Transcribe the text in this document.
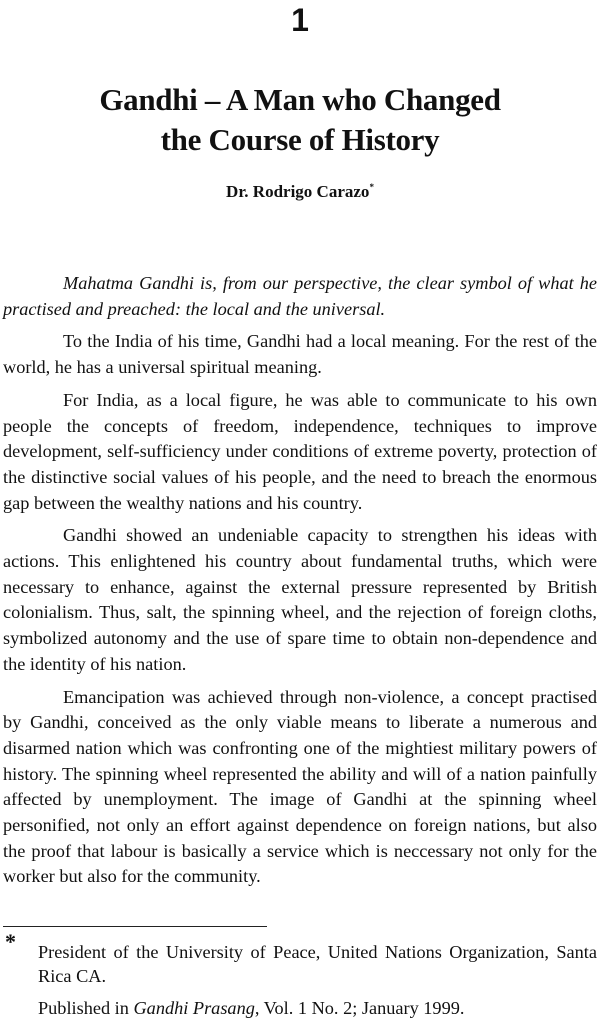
1
Gandhi – A Man who Changed
the Course of History
Dr. Rodrigo Carazo*

Mahatma Gandhi is, from our perspective, the clear symbol of what he practised and preached: the local and the universal.

To the India of his time, Gandhi had a local meaning. For the rest of the world, he has a universal spiritual meaning.

For India, as a local figure, he was able to communicate to his own people the concepts of freedom, independence, techniques to improve development, self-sufficiency under conditions of extreme poverty, protection of the distinctive social values of his people, and the need to breach the enormous gap between the wealthy nations and his country.

Gandhi showed an undeniable capacity to strengthen his ideas with actions. This enlightened his country about fundamental truths, which were necessary to enhance, against the external pressure represented by British colonialism. Thus, salt, the spinning wheel, and the rejection of foreign cloths, symbolized autonomy and the use of spare time to obtain non-dependence and the identity of his nation.

Emancipation was achieved through non-violence, a concept practised by Gandhi, conceived as the only viable means to liberate a numerous and disarmed nation which was confronting one of the mightiest military powers of history. The spinning wheel represented the ability and will of a nation painfully affected by unemployment. The image of Gandhi at the spinning wheel personified, not only an effort against dependence on foreign nations, but also the proof that labour is basically a service which is neccessary not only for the worker but also for the community.

* President of the University of Peace, United Nations Organization, Santa Rica CA.
Published in Gandhi Prasang, Vol. 1 No. 2; January 1999.
